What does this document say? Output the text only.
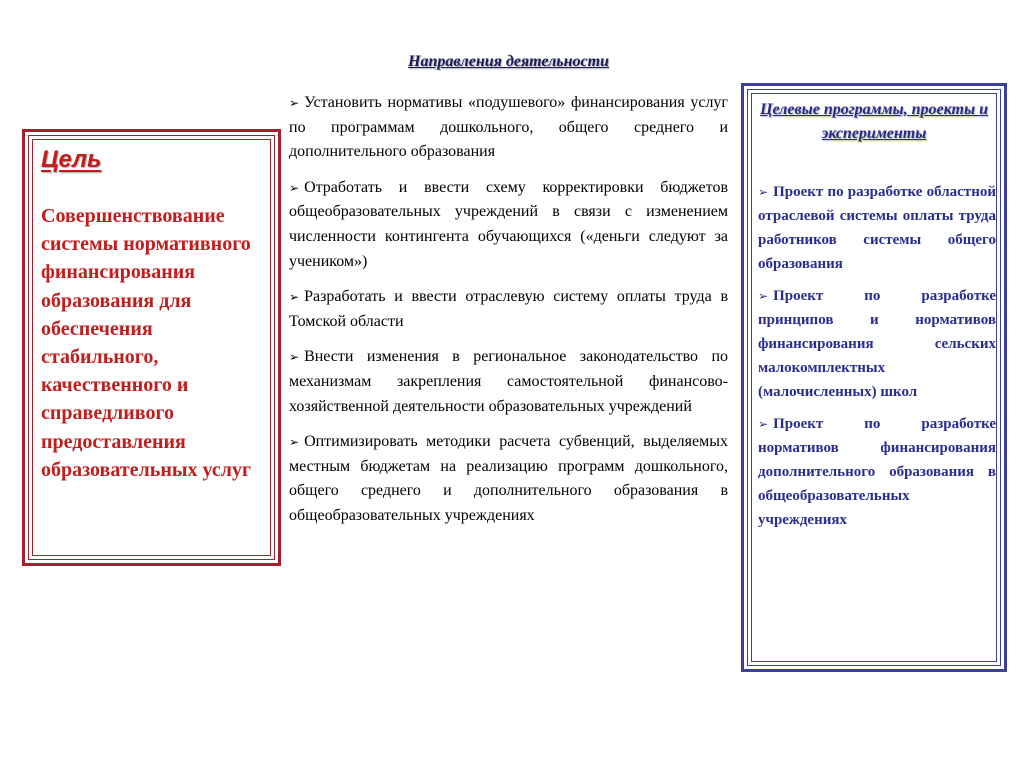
Цель

Совершенствование системы нормативного финансирования образования для обеспечения стабильного, качественного и справедливого предоставления образовательных услуг

Направления деятельности
➢ Установить нормативы «подушевого» финансирования услуг по программам дошкольного, общего среднего и дополнительного образования
➢ Отработать и ввести схему корректировки бюджетов общеобразовательных учреждений в связи с изменением численности контингента обучающихся («деньги следуют за учеником»)
➢ Разработать и ввести отраслевую систему оплаты труда в Томской области
➢ Внести изменения в региональное законодательство по механизмам закрепления самостоятельной финансово-хозяйственной деятельности образовательных учреждений
➢ Оптимизировать методики расчета субвенций, выделяемых местным бюджетам на реализацию программ дошкольного, общего среднего и дополнительного образования в общеобразовательных учреждениях
Целевые программы, проекты и эксперименты
➢ Проект по разработке областной отраслевой системы оплаты труда работников системы общего образования
➢ Проект по разработке принципов и нормативов финансирования сельских малокомплектных (малочисленных) школ
➢ Проект по разработке нормативов финансирования дополнительного образования в общеобразовательных учреждениях
